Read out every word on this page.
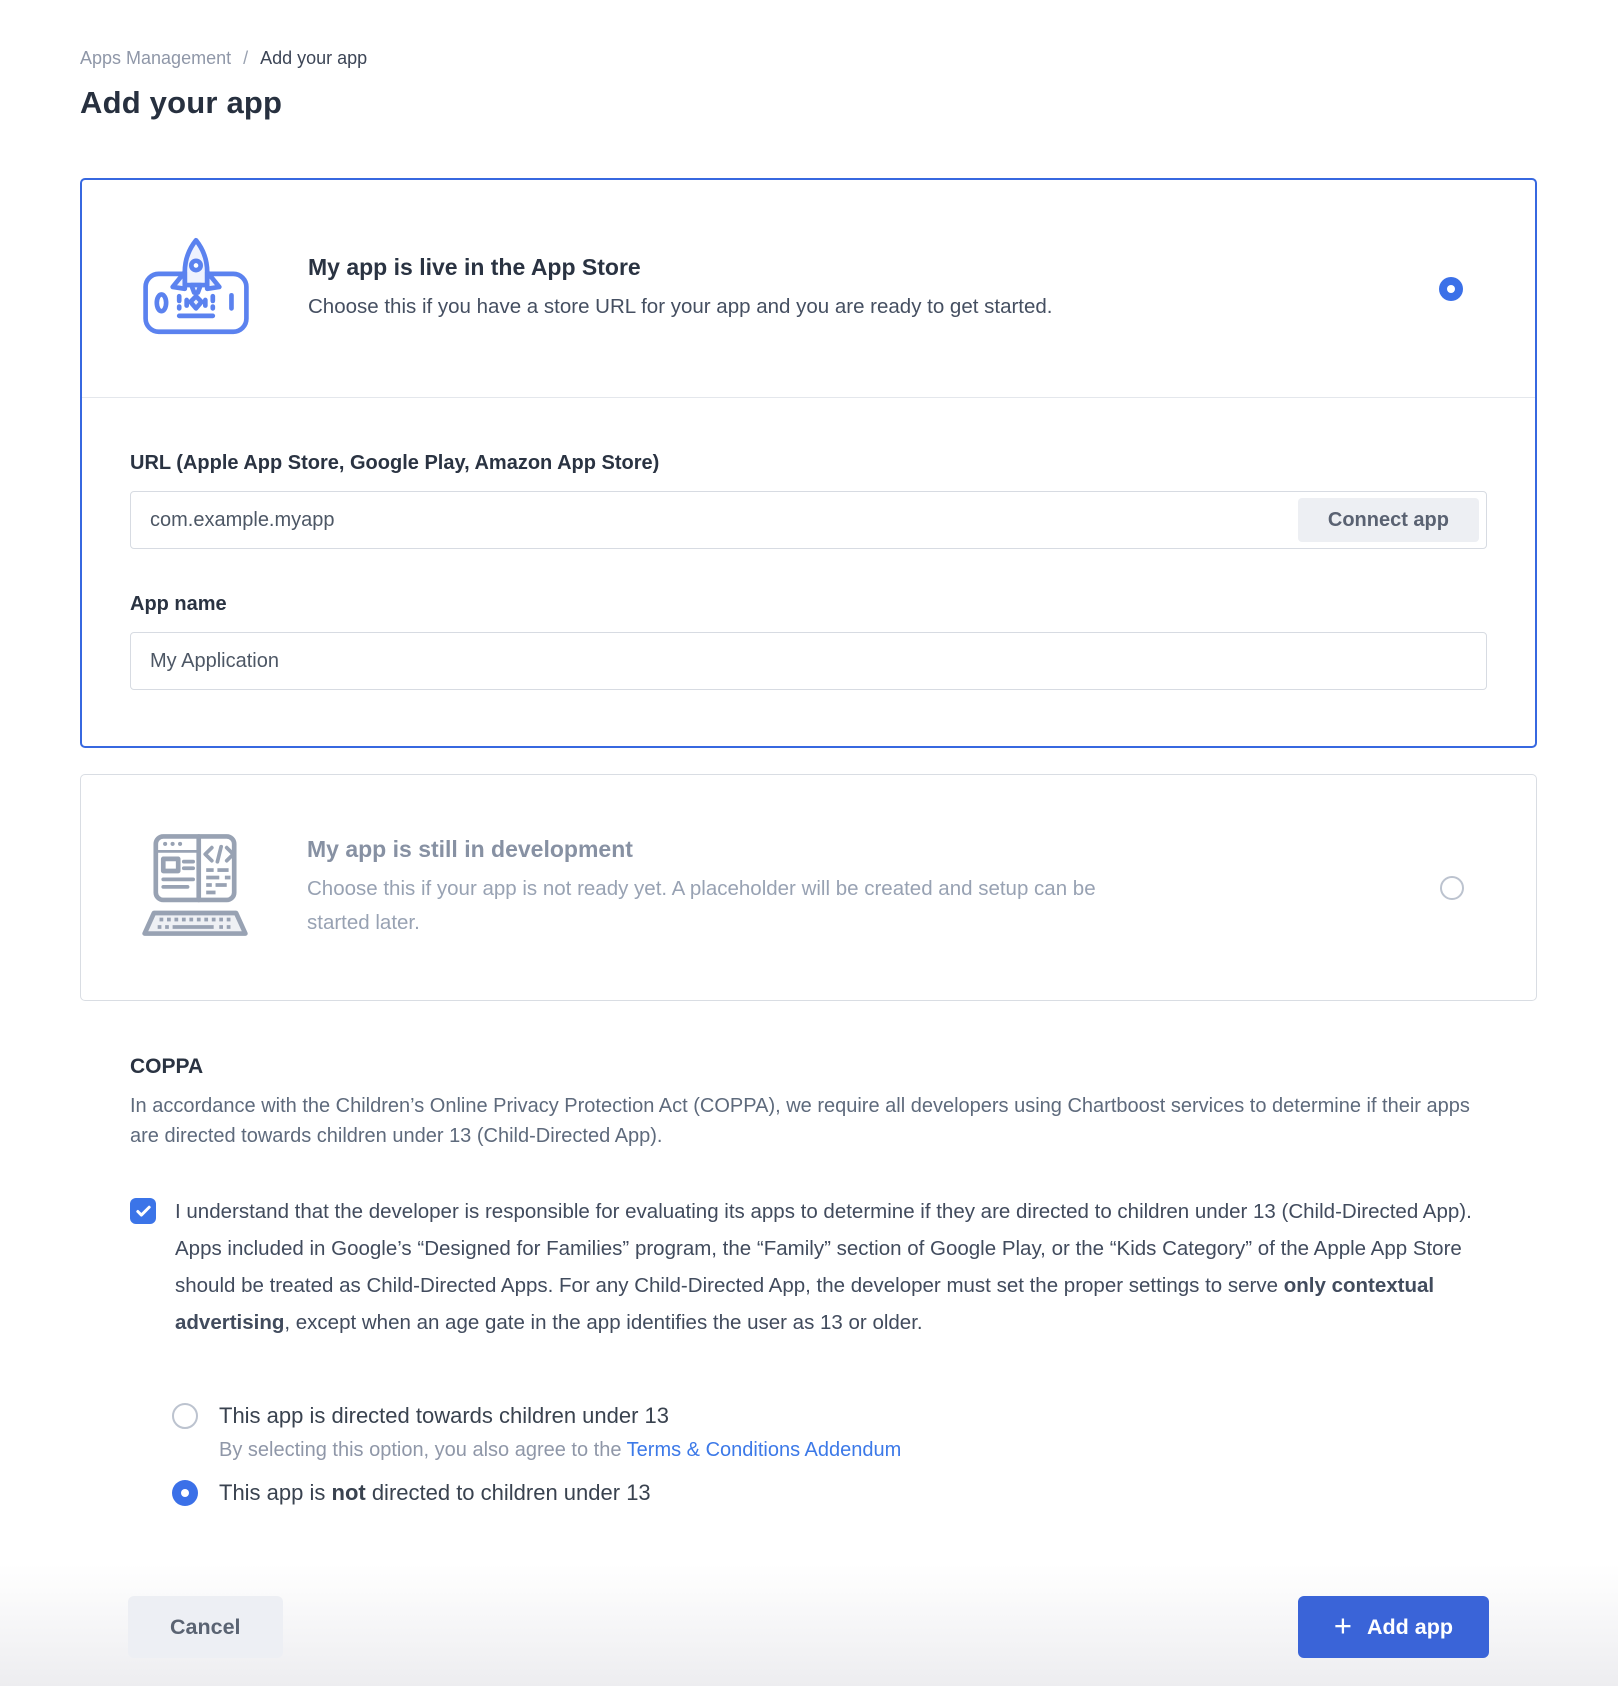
Apps Management / Add your app
Add your app
My app is live in the App Store
Choose this if you have a store URL for your app and you are ready to get started.
URL (Apple App Store, Google Play, Amazon App Store)
com.example.myapp
Connect app
App name
My Application
My app is still in development
Choose this if your app is not ready yet. A placeholder will be created and setup can be started later.
COPPA
In accordance with the Children’s Online Privacy Protection Act (COPPA), we require all developers using Chartboost services to determine if their apps are directed towards children under 13 (Child-Directed App).
I understand that the developer is responsible for evaluating its apps to determine if they are directed to children under 13 (Child-Directed App). Apps included in Google’s “Designed for Families” program, the “Family” section of Google Play, or the “Kids Category” of the Apple App Store should be treated as Child-Directed Apps. For any Child-Directed App, the developer must set the proper settings to serve only contextual advertising, except when an age gate in the app identifies the user as 13 or older.
This app is directed towards children under 13
By selecting this option, you also agree to the Terms & Conditions Addendum
This app is not directed to children under 13
Cancel	+ Add app
